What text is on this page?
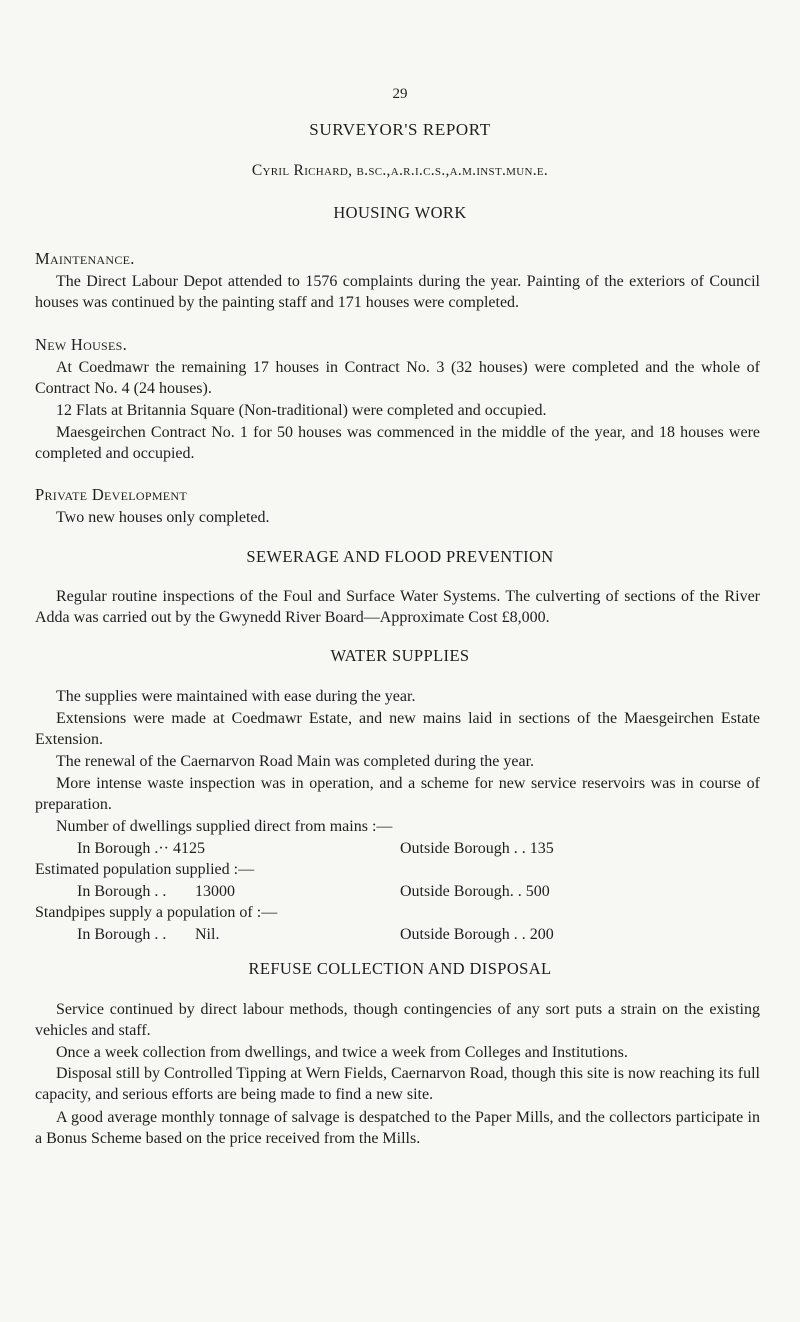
29
SURVEYOR'S REPORT
Cyril Richard, b.sc.,a.r.i.c.s.,a.m.inst.mun.e.
HOUSING WORK
Maintenance.

The Direct Labour Depot attended to 1576 complaints during the year. Painting of the exteriors of Council houses was continued by the painting staff and 171 houses were completed.

New Houses.

At Coedmawr the remaining 17 houses in Contract No. 3 (32 houses) were completed and the whole of Contract No. 4 (24 houses).

12 Flats at Britannia Square (Non-traditional) were completed and occupied.

Maesgeirchen Contract No. 1 for 50 houses was commenced in the middle of the year, and 18 houses were completed and occupied.

Private Development

Two new houses only completed.

SEWERAGE AND FLOOD PREVENTION

Regular routine inspections of the Foul and Surface Water Systems. The culverting of sections of the River Adda was carried out by the Gwynedd River Board—Approximate Cost £8,000.

WATER SUPPLIES

The supplies were maintained with ease during the year.

Extensions were made at Coedmawr Estate, and new mains laid in sections of the Maesgeirchen Estate Extension.

The renewal of the Caernarvon Road Main was completed during the year.

More intense waste inspection was in operation, and a scheme for new service reservoirs was in course of preparation.

Number of dwellings supplied direct from mains :—
In Borough .·· 4125	Outside Borough . . 135
Estimated population supplied :—
In Borough . . 13000	Outside Borough. . 500
Standpipes supply a population of :—
In Borough . . Nil.	Outside Borough . . 200
REFUSE COLLECTION AND DISPOSAL

Service continued by direct labour methods, though contingencies of any sort puts a strain on the existing vehicles and staff.

Once a week collection from dwellings, and twice a week from Colleges and Institutions.

Disposal still by Controlled Tipping at Wern Fields, Caernarvon Road, though this site is now reaching its full capacity, and serious efforts are being made to find a new site.

A good average monthly tonnage of salvage is despatched to the Paper Mills, and the collectors participate in a Bonus Scheme based on the price received from the Mills.
